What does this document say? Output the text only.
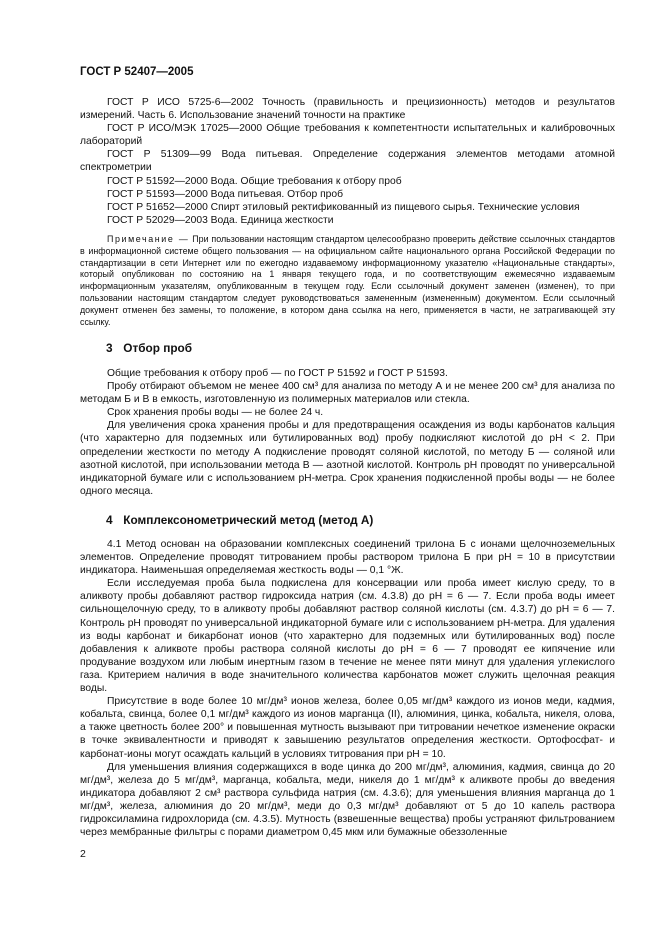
ГОСТ Р 52407—2005

ГОСТ Р ИСО 5725-6—2002 Точность (правильность и прецизионность) методов и результатов измерений. Часть 6. Использование значений точности на практике

ГОСТ Р ИСО/МЭК 17025—2000 Общие требования к компетентности испытательных и калибровочных лабораторий

ГОСТ Р 51309—99 Вода питьевая. Определение содержания элементов методами атомной спектрометрии

ГОСТ Р 51592—2000 Вода. Общие требования к отбору проб

ГОСТ Р 51593—2000 Вода питьевая. Отбор проб

ГОСТ Р 51652—2000 Спирт этиловый ректификованный из пищевого сырья. Технические условия

ГОСТ Р 52029—2003 Вода. Единица жесткости

Примечание — При пользовании настоящим стандартом целесообразно проверить действие ссылочных стандартов в информационной системе общего пользования — на официальном сайте национального органа Российской Федерации по стандартизации в сети Интернет или по ежегодно издаваемому информационному указателю «Национальные стандарты», который опубликован по состоянию на 1 января текущего года, и по соответствующим ежемесячно издаваемым информационным указателям, опубликованным в текущем году. Если ссылочный документ заменен (изменен), то при пользовании настоящим стандартом следует руководствоваться замененным (измененным) документом. Если ссылочный документ отменен без замены, то положение, в котором дана ссылка на него, применяется в части, не затрагивающей эту ссылку.

3 Отбор проб

Общие требования к отбору проб — по ГОСТ Р 51592 и ГОСТ Р 51593.

Пробу отбирают объемом не менее 400 см³ для анализа по методу А и не менее 200 см³ для анализа по методам Б и В в емкость, изготовленную из полимерных материалов или стекла.

Срок хранения пробы воды — не более 24 ч.

Для увеличения срока хранения пробы и для предотвращения осаждения из воды карбонатов кальция (что характерно для подземных или бутилированных вод) пробу подкисляют кислотой до pH < 2. При определении жесткости по методу А подкисление проводят соляной кислотой, по методу Б — соляной или азотной кислотой, при использовании метода В — азотной кислотой. Контроль pH проводят по универсальной индикаторной бумаге или с использованием pH-метра. Срок хранения подкисленной пробы воды — не более одного месяца.

4 Комплексонометрический метод (метод А)

4.1 Метод основан на образовании комплексных соединений трилона Б с ионами щелочноземельных элементов. Определение проводят титрованием пробы раствором трилона Б при pH = 10 в присутствии индикатора. Наименьшая определяемая жесткость воды — 0,1 °Ж.

Если исследуемая проба была подкислена для консервации или проба имеет кислую среду, то в аликвоту пробы добавляют раствор гидроксида натрия (см. 4.3.8) до pH = 6 — 7. Если проба воды имеет сильнощелочную среду, то в аликвоту пробы добавляют раствор соляной кислоты (см. 4.3.7) до pH = 6 — 7. Контроль pH проводят по универсальной индикаторной бумаге или с использованием pH-метра. Для удаления из воды карбонат и бикарбонат ионов (что характерно для подземных или бутилированных вод) после добавления к аликвоте пробы раствора соляной кислоты до pH = 6 — 7 проводят ее кипячение или продувание воздухом или любым инертным газом в течение не менее пяти минут для удаления углекислого газа. Критерием наличия в воде значительного количества карбонатов может служить щелочная реакция воды.

Присутствие в воде более 10 мг/дм³ ионов железа, более 0,05 мг/дм³ каждого из ионов меди, кадмия, кобальта, свинца, более 0,1 мг/дм³ каждого из ионов марганца (II), алюминия, цинка, кобальта, никеля, олова, а также цветность более 200° и повышенная мутность вызывают при титровании нечеткое изменение окраски в точке эквивалентности и приводят к завышению результатов определения жесткости. Ортофосфат- и карбонат-ионы могут осаждать кальций в условиях титрования при pH = 10.

Для уменьшения влияния содержащихся в воде цинка до 200 мг/дм³, алюминия, кадмия, свинца до 20 мг/дм³, железа до 5 мг/дм³, марганца, кобальта, меди, никеля до 1 мг/дм³ к аликвоте пробы до введения индикатора добавляют 2 см³ раствора сульфида натрия (см. 4.3.6); для уменьшения влияния марганца до 1 мг/дм³, железа, алюминия до 20 мг/дм³, меди до 0,3 мг/дм³ добавляют от 5 до 10 капель раствора гидроксиламина гидрохлорида (см. 4.3.5). Мутность (взвешенные вещества) пробы устраняют фильтрованием через мембранные фильтры с порами диаметром 0,45 мкм или бумажные обеззоленные

2
